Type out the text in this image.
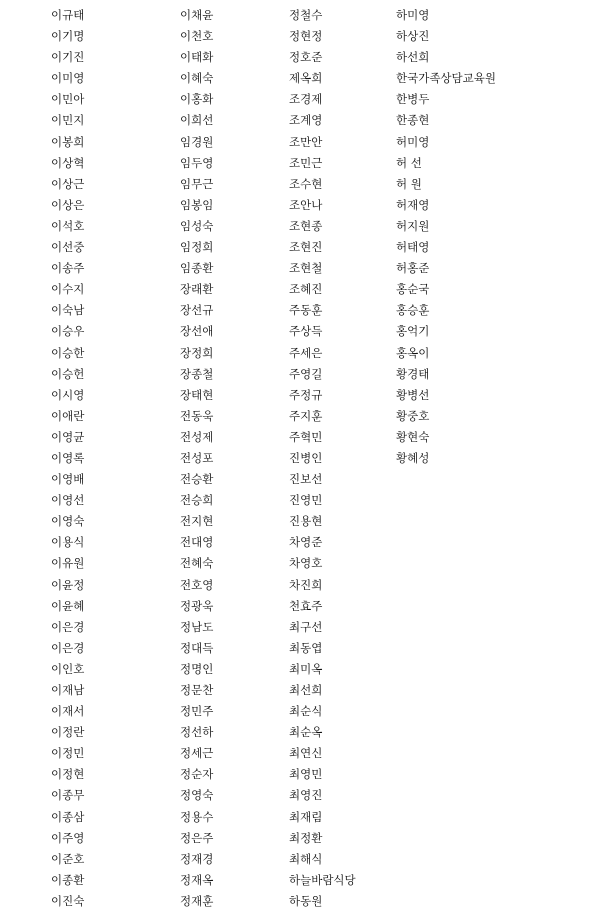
이규태
이기명
이기진
이미영
이민아
이민지
이봉희
이상혁
이상근
이상은
이석호
이선중
이송주
이수지
이숙남
이승우
이승한
이승헌
이시영
이애란
이영균
이영록
이영배
이영선
이영숙
이용식
이유원
이윤정
이윤혜
이은경
이은경
이인호
이재남
이재서
이정란
이정민
이정현
이종무
이종삼
이주영
이준호
이종환
이진숙
이채윤
이천호
이태화
이혜숙
이홍화
이희선
임경원
임두영
임무근
임봉임
임성숙
임정희
임종환
장래환
장선규
장선애
장정희
장종철
장태현
전동욱
전성제
전성포
전승환
전승희
전지현
전대영
전혜숙
전호영
정광욱
정남도
정대득
정명인
정문찬
정민주
정선하
정세근
정순자
정영숙
정용수
정은주
정재경
정재옥
정재훈
정철수
정현정
정호준
제옥희
조경제
조계영
조만안
조민근
조수현
조안나
조현종
조현진
조현철
조혜진
주동훈
주상득
주세은
주영길
주정규
주지훈
주혁민
진병인
진보선
진영민
진용현
차영준
차영호
차진희
천효주
최구선
최동엽
최미옥
최선희
최순식
최순옥
최연신
최영민
최영진
최재림
최정환
최해식
하늘바람식당
하동원
하미영
하상진
하선희
한국가족상담교육원
한병두
한종현
허미영
허 선
허 원
허재영
허지원
허태영
허홍준
홍순국
홍승훈
홍억기
홍옥이
황경태
황병선
황중호
황현숙
황혜성
